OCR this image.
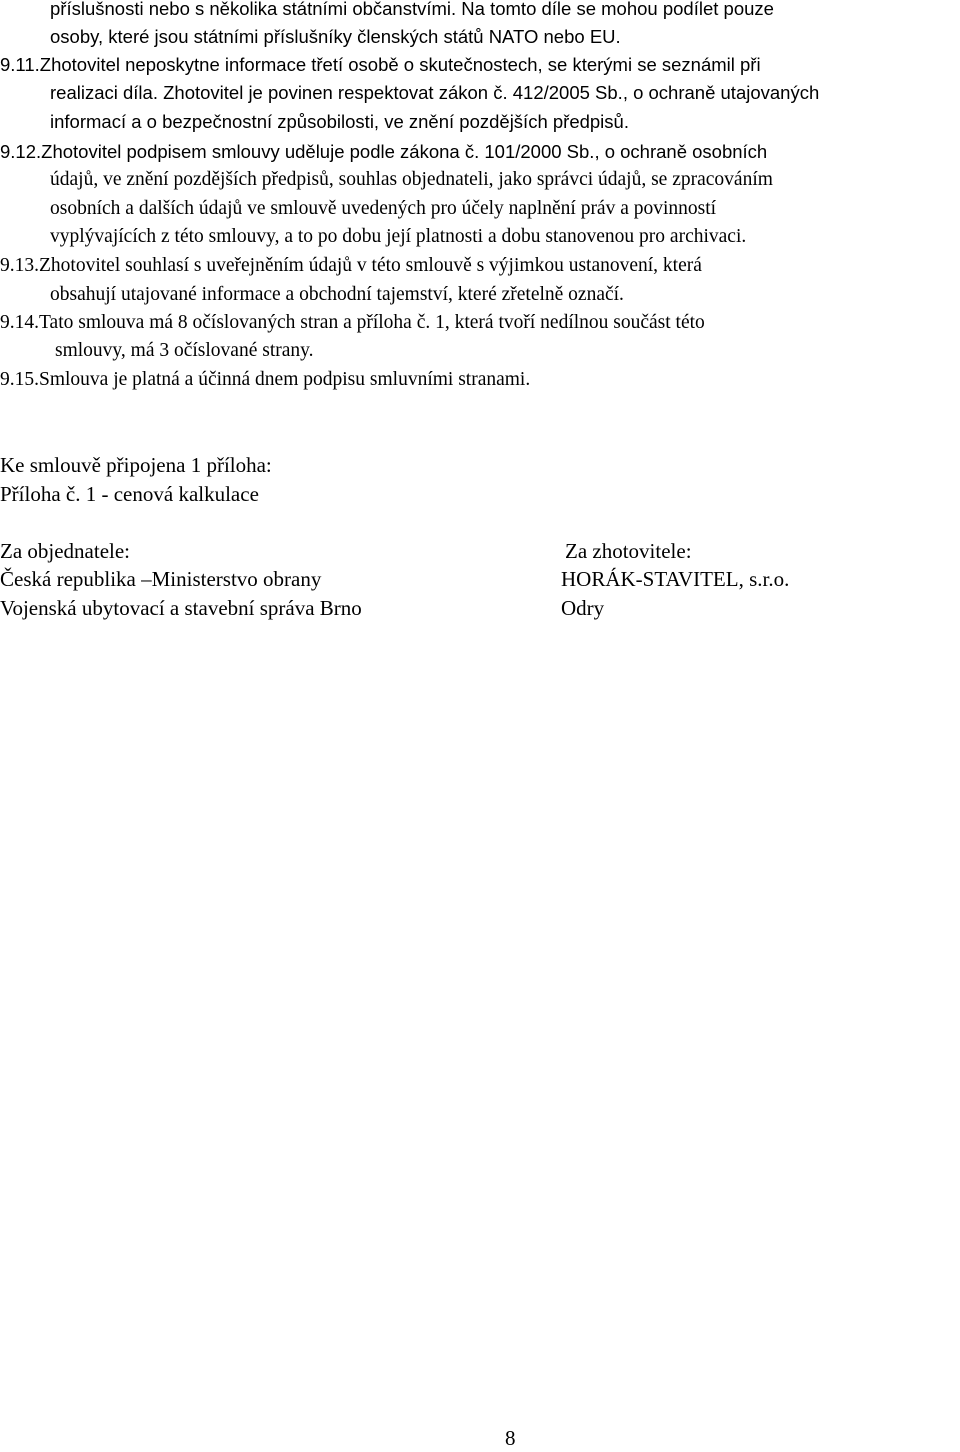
příslušnosti nebo s několika státními občanstvími. Na tomto díle se mohou podílet pouze
osoby, které jsou státními příslušníky členských států NATO nebo EU.
9.11.Zhotovitel neposkytne informace třetí osobě o skutečnostech, se kterými se seznámil při
realizaci díla. Zhotovitel je povinen respektovat zákon č. 412/2005 Sb., o ochraně utajovaných
informací a o bezpečnostní způsobilosti, ve znění pozdějších předpisů.
9.12.Zhotovitel podpisem smlouvy uděluje podle zákona č. 101/2000 Sb., o ochraně osobních
údajů, ve znění pozdějších předpisů, souhlas objednateli, jako správci údajů, se zpracováním
osobních a dalších údajů ve smlouvě uvedených pro účely naplnění práv a povinností
vyplývajících z této smlouvy, a to po dobu její platnosti a dobu stanovenou pro archivaci.
9.13.Zhotovitel souhlasí s uveřejněním údajů v této smlouvě s výjimkou ustanovení, která
obsahují utajované informace a obchodní tajemství, které zřetelně označí.
9.14.Tato smlouva má 8 očíslovaných stran a příloha č. 1, která tvoří nedílnou součást této
smlouvy, má 3 očíslované strany.
9.15.Smlouva je platná a účinná dnem podpisu smluvními stranami.
Ke smlouvě připojena 1 příloha:
Příloha č. 1 - cenová kalkulace
Za objednatele:
Česká republika –Ministerstvo obrany
Vojenská ubytovací a stavební správa Brno
Za zhotovitele:
HORÁK-STAVITEL, s.r.o.
Odry
8
